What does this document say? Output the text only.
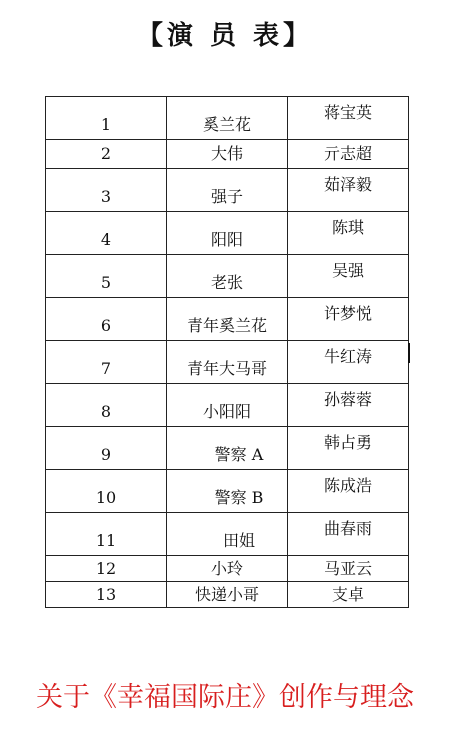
【演 员 表】
1	奚兰花	蒋宝英
2	大伟	亓志超
3	强子	茹泽毅
4	阳阳	陈琪
5	老张	吴强
6	青年奚兰花	许梦悦
7	青年大马哥	牛红涛
8	小阳阳	孙蓉蓉
9	警察 A	韩占勇
10	警察 B	陈成浩
11	田姐	曲春雨
12	小玲	马亚云
13	快递小哥	支卓
关于《幸福国际庄》创作与理念
